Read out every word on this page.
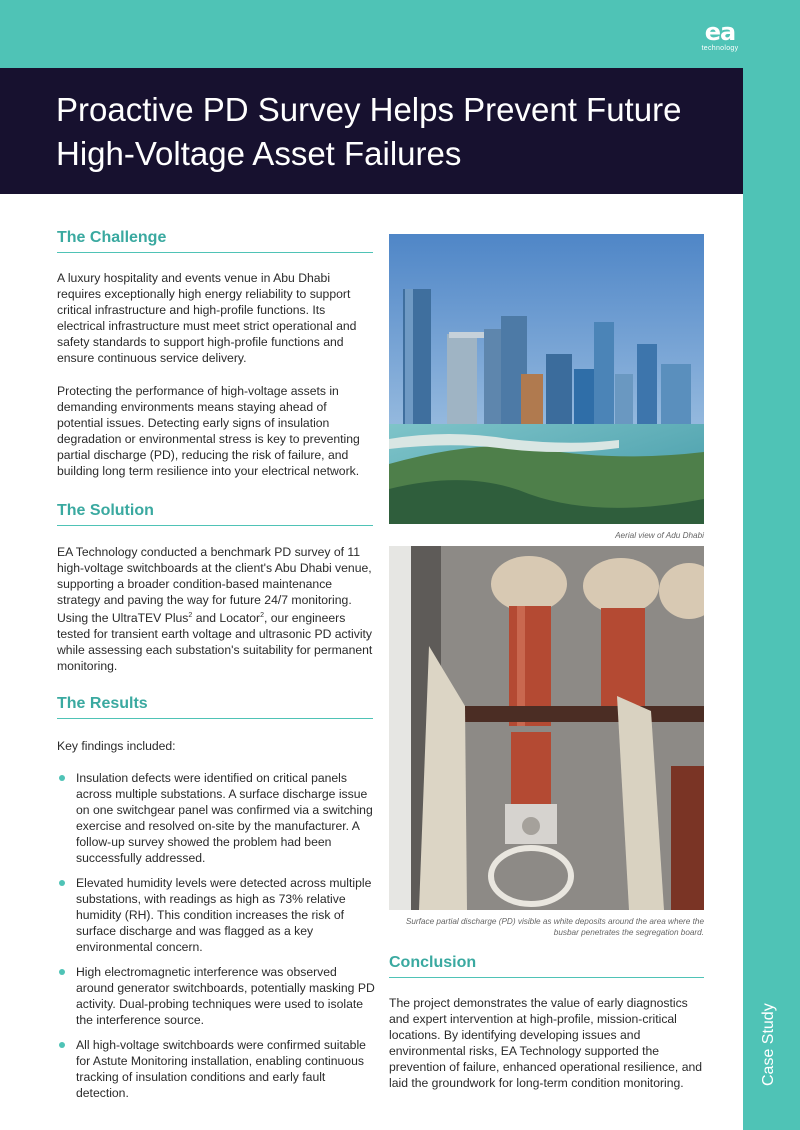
ea
technology
Proactive PD Survey Helps Prevent Future High-Voltage Asset Failures
Case Study
The Challenge

A luxury hospitality and events venue in Abu Dhabi requires exceptionally high energy reliability to support critical infrastructure and high-profile functions. Its electrical infrastructure must meet strict operational and safety standards to support high-profile functions and ensure continuous service delivery.

Protecting the performance of high-voltage assets in demanding environments means staying ahead of potential issues. Detecting early signs of insulation degradation or environmental stress is key to preventing partial discharge (PD), reducing the risk of failure, and building long term resilience into your electrical network.

The Solution

EA Technology conducted a benchmark PD survey of 11 high-voltage switchboards at the client's Abu Dhabi venue, supporting a broader condition-based maintenance strategy and paving the way for future 24/7 monitoring. Using the UltraTEV Plus$^2$ and Locator$^2$, our engineers tested for transient earth voltage and ultrasonic PD activity while assessing each substation's suitability for permanent monitoring.

The Results

Key findings included:

Insulation defects were identified on critical panels across multiple substations. A surface discharge issue on one switchgear panel was confirmed via a switching exercise and resolved on-site by the manufacturer. A follow-up survey showed the problem had been successfully addressed.
Elevated humidity levels were detected across multiple substations, with readings as high as 73% relative humidity (RH). This condition increases the risk of surface discharge and was flagged as a key environmental concern.
High electromagnetic interference was observed around generator switchboards, potentially masking PD activity. Dual-probing techniques were used to isolate the interference source.
All high-voltage switchboards were confirmed suitable for Astute Monitoring installation, enabling continuous tracking of insulation conditions and early fault detection.

Aerial view of Adu Dhabi

Surface partial discharge (PD) visible as white deposits around the area where the busbar penetrates the segregation board.

Conclusion

The project demonstrates the value of early diagnostics and expert intervention at high-profile, mission-critical locations. By identifying developing issues and environmental risks, EA Technology supported the prevention of failure, enhanced operational resilience, and laid the groundwork for long-term condition monitoring.
